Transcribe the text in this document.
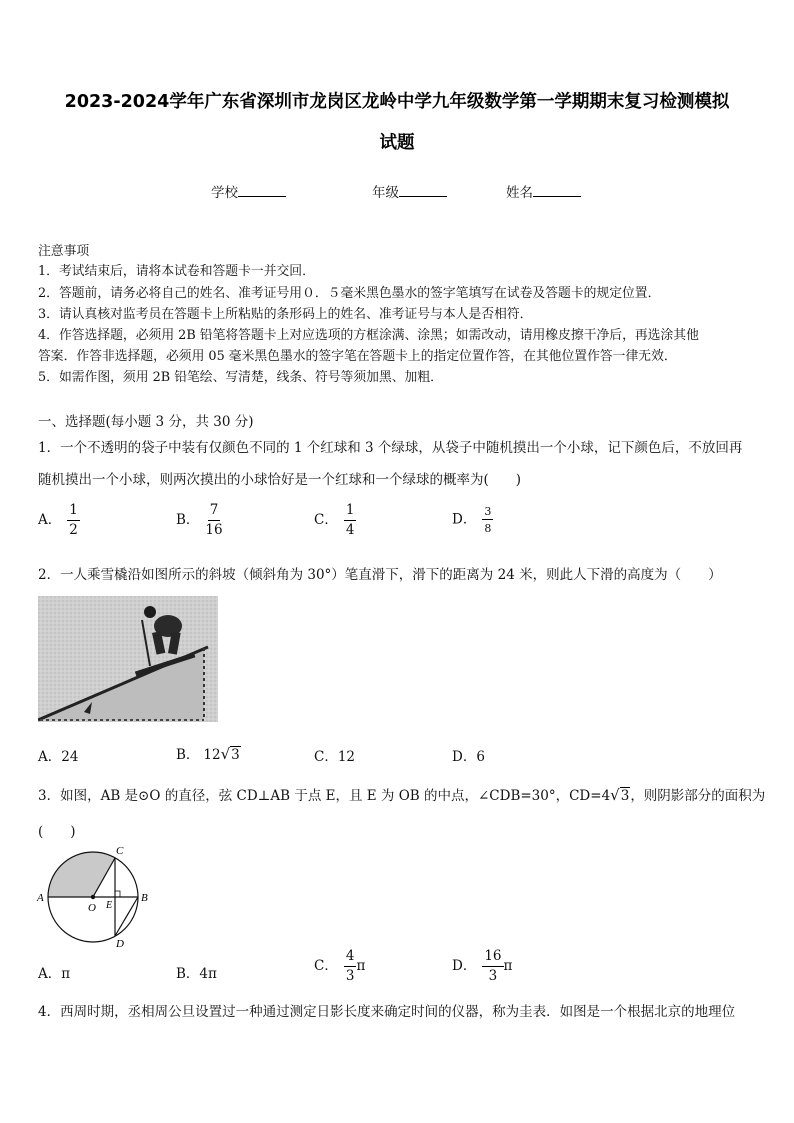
2023-2024学年广东省深圳市龙岗区龙岭中学九年级数学第一学期期末复习检测模拟
试题
学校	年级	姓名
注意事项
1．考试结束后，请将本试卷和答题卡一并交回．
2．答题前，请务必将自己的姓名、准考证号用０．５毫米黑色墨水的签字笔填写在试卷及答题卡的规定位置．
3．请认真核对监考员在答题卡上所粘贴的条形码上的姓名、准考证号与本人是否相符．
4．作答选择题，必须用 2B 铅笔将答题卡上对应选项的方框涂满、涂黑；如需改动，请用橡皮擦干净后，再选涂其他
答案．作答非选择题，必须用 05 毫米黑色墨水的签字笔在答题卡上的指定位置作答，在其他位置作答一律无效．
5．如需作图，须用 2B 铅笔绘、写清楚，线条、符号等须加黑、加粗．
一、选择题(每小题 3 分，共 30 分)
1．一个不透明的袋子中装有仅颜色不同的 1 个红球和 3 个绿球，从袋子中随机摸出一个小球，记下颜色后，不放回再
随机摸出一个小球，则两次摸出的小球恰好是一个红球和一个绿球的概率为(　　)
A． $\frac{1}{2}$	B． $\frac{7}{16}$	C． $\frac{1}{4}$	D． $\frac{3}{8}$
2．一人乘雪橇沿如图所示的斜坡（倾斜角为 30°）笔直滑下，滑下的距离为 24 米，则此人下滑的高度为（　　）
A．24	B． 12√3	C．12	D．6
3．如图，AB 是⊙O 的直径，弦 CD⊥AB 于点 E，且 E 为 OB 的中点，∠CDB=30°，CD=4√3，则阴影部分的面积为
(　　)
A	B
C
D
O E
A．π	B．4π	C． $\frac{4}{3}$ π	D． $\frac{16}{3}$ π
4．西周时期，丞相周公旦设置过一种通过测定日影长度来确定时间的仪器，称为圭表．如图是一个根据北京的地理位
